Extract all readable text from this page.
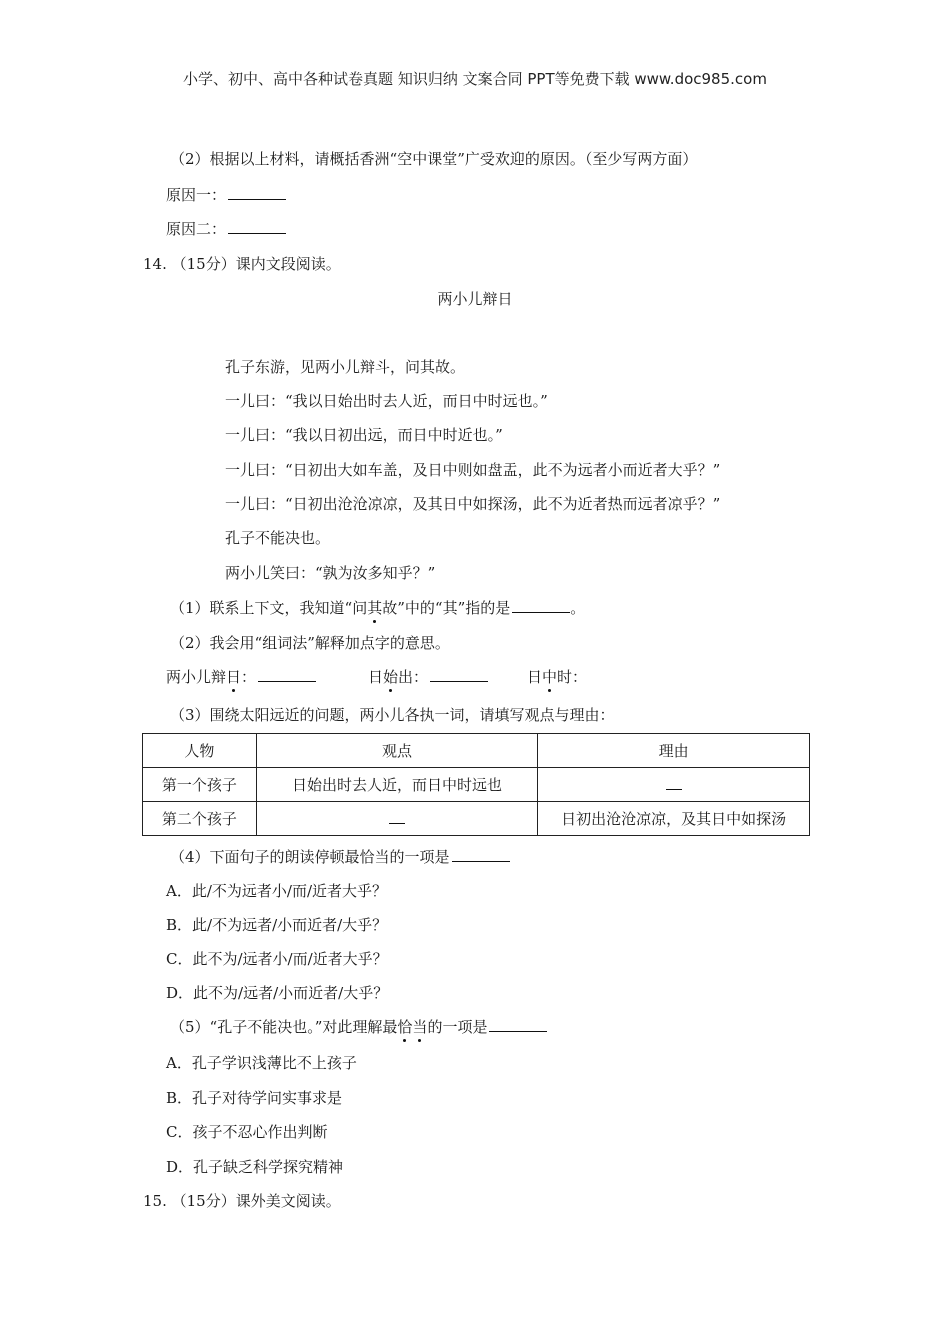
小学、初中、高中各种试卷真题 知识归纳 文案合同 PPT等免费下载 www.doc985.com
（2）根据以上材料，请概括香洲“空中课堂”广受欢迎的原因。（至少写两方面）
原因一：
原因二：
14. （15分）课内文段阅读。
两小儿辩日
孔子东游，见两小儿辩斗，问其故。
一儿曰：“我以日始出时去人近，而日中时远也。”
一儿曰：“我以日初出远，而日中时近也。”
一儿曰：“日初出大如车盖，及日中则如盘盂，此不为远者小而近者大乎？”
一儿曰：“日初出沧沧凉凉，及其日中如探汤，此不为近者热而远者凉乎？”
孔子不能决也。
两小儿笑曰：“孰为汝多知乎？”
（1）联系上下文，我知道“问其故”中的“其”指的是	。
（2）我会用“组词法”解释加点字的意思。
两小儿辩日：	日始出：	日中时：
（3）围绕太阳远近的问题，两小儿各执一词，请填写观点与理由：
人物	观点	理由
第一个孩子	日始出时去人近，而日中时远也	
第二个孩子		日初出沧沧凉凉，及其日中如探汤
（4）下面句子的朗读停顿最恰当的一项是
A．此/不为远者小/而/近者大乎？
B．此/不为远者/小而近者/大乎？
C．此不为/远者小/而/近者大乎？
D．此不为/远者/小而近者/大乎？
（5）“孔子不能决也。”对此理解最恰当的一项是
A．孔子学识浅薄比不上孩子
B．孔子对待学问实事求是
C．孩子不忍心作出判断
D．孔子缺乏科学探究精神
15. （15分）课外美文阅读。
